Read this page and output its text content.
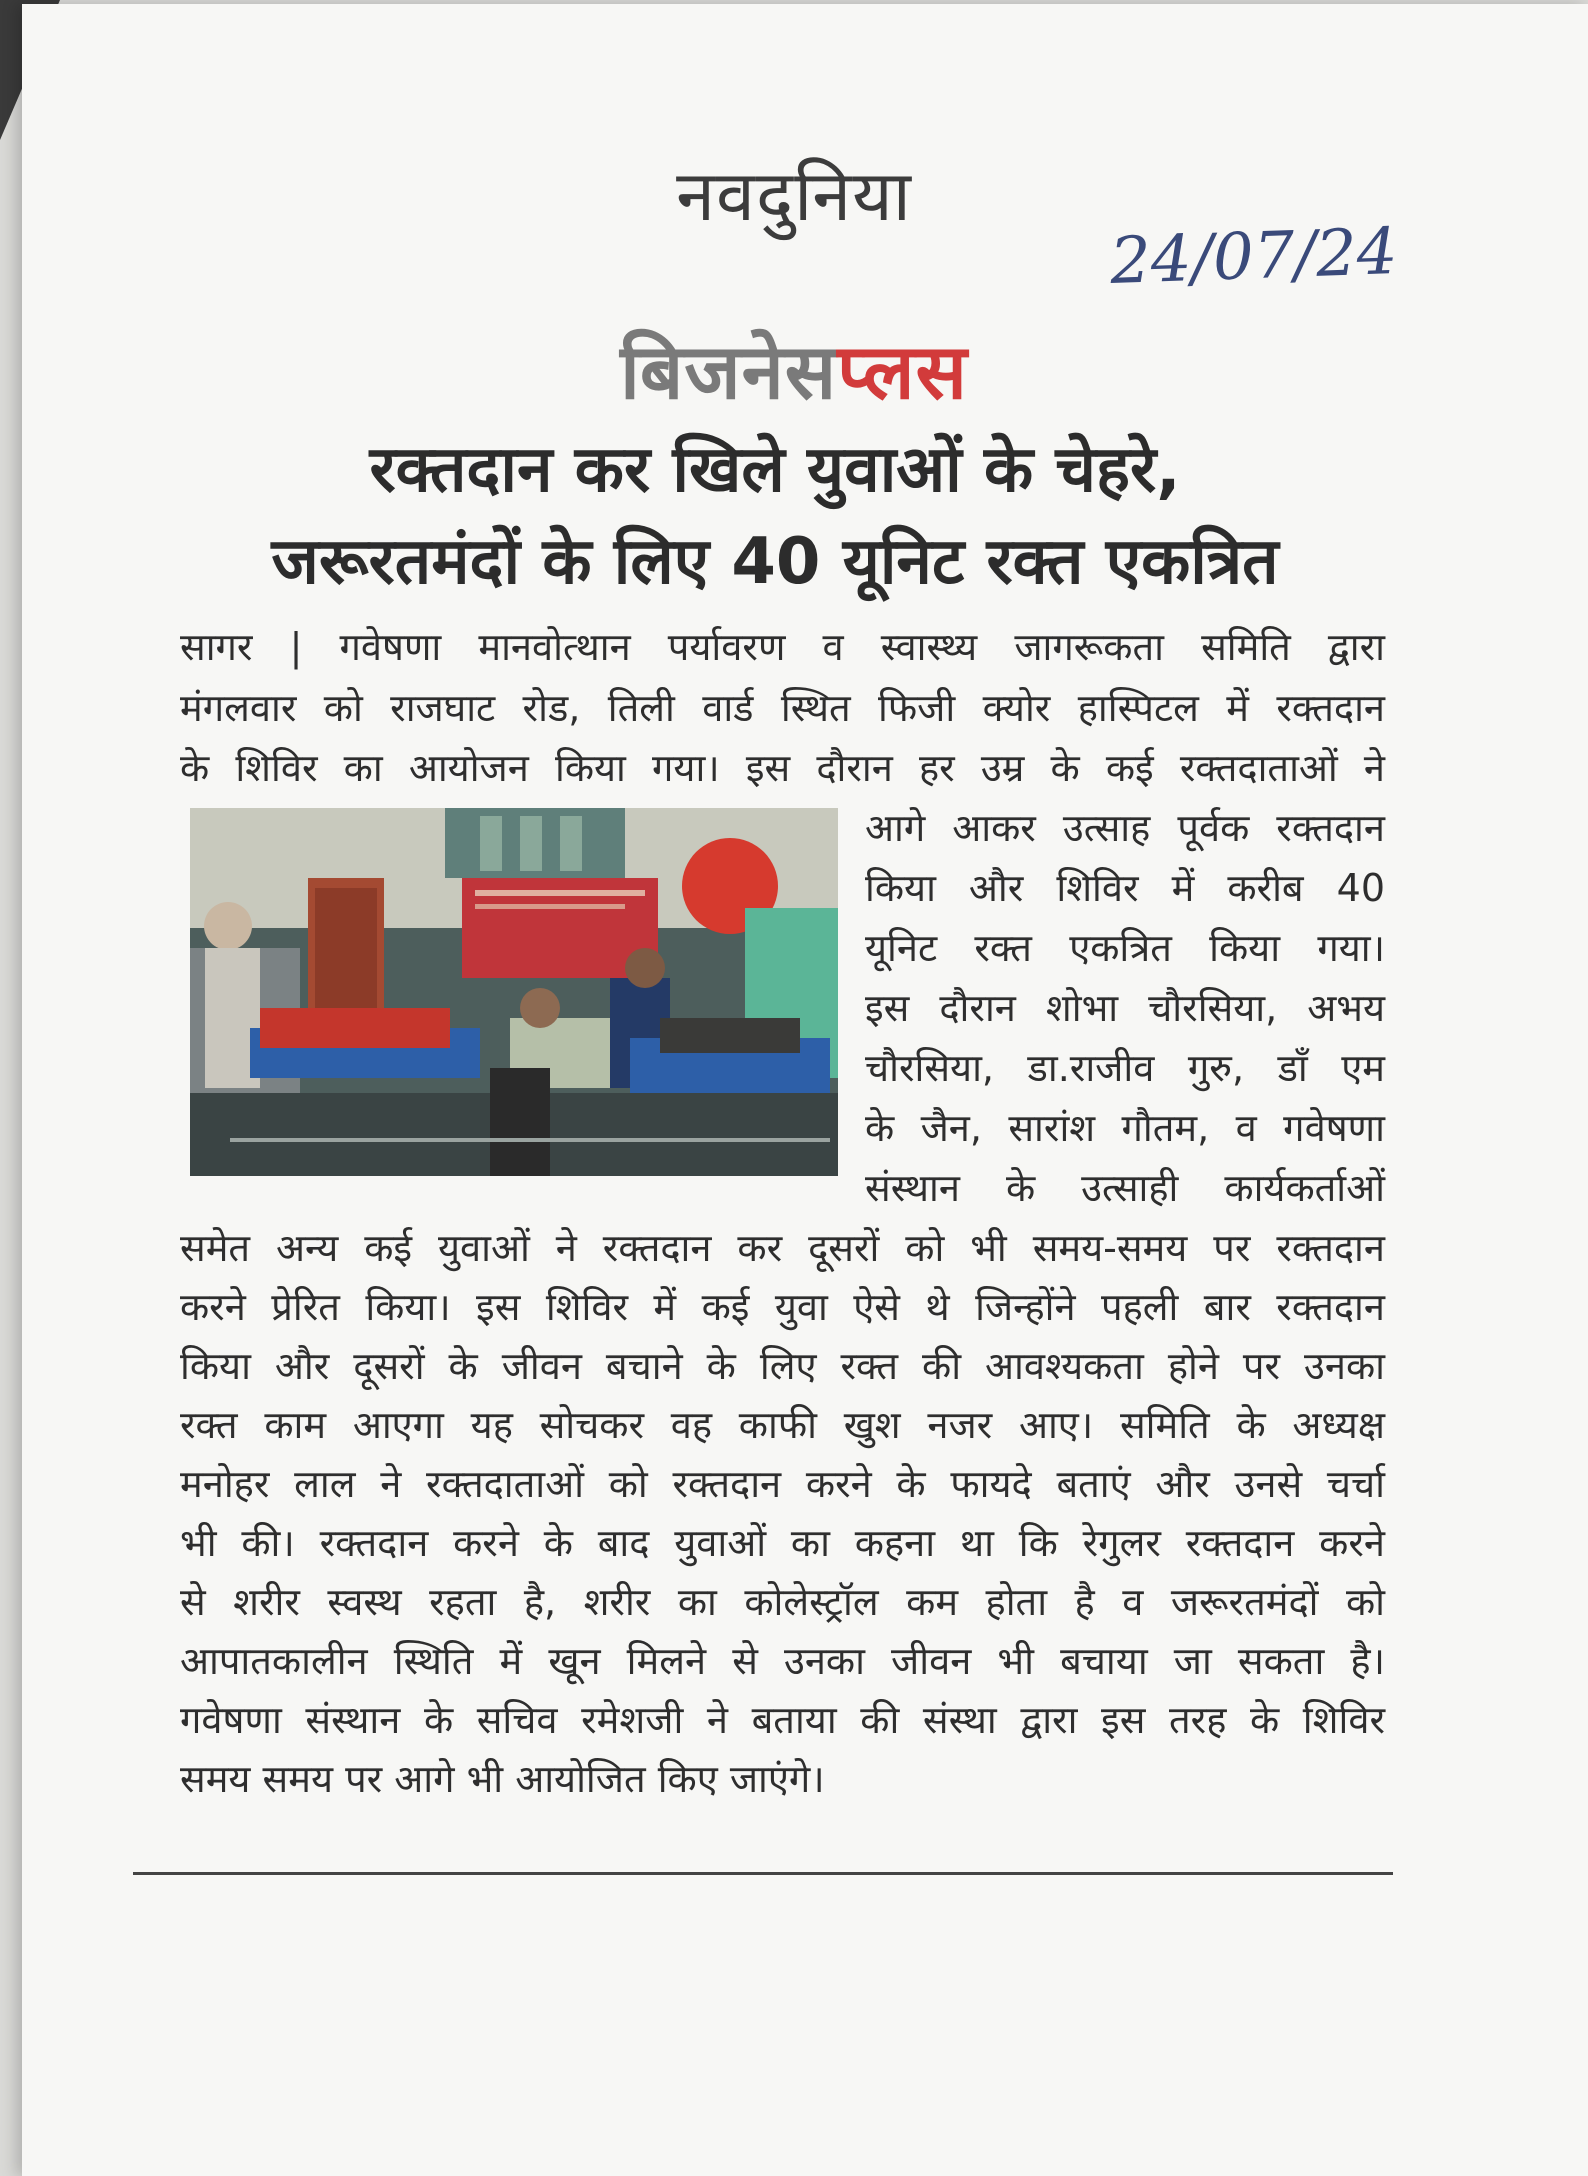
नवदुनिया
24/07/24
बिजनेसप्लस
रक्तदान कर खिले युवाओं के चेहरे,
जरूरतमंदों के लिए 40 यूनिट रक्त एकत्रित
सागर | गवेषणा मानवोत्थान पर्यावरण व स्वास्थ्य जागरूकता समिति द्वारा
मंगलवार को राजघाट रोड, तिली वार्ड स्थित फिजी क्योर हास्पिटल में रक्तदान
के शिविर का आयोजन किया गया। इस दौरान हर उम्र के कई रक्तदाताओं ने
आगे आकर उत्साह पूर्वक रक्तदान
किया और शिविर में करीब 40
यूनिट रक्त एकत्रित किया गया।
इस दौरान शोभा चौरसिया, अभय
चौरसिया, डा.राजीव गुरु, डॉं एम
के जैन, सारांश गौतम, व गवेषणा
संस्थान के उत्साही कार्यकर्ताओं
समेत अन्य कई युवाओं ने रक्तदान कर दूसरों को भी समय-समय पर रक्तदान
करने प्रेरित किया। इस शिविर में कई युवा ऐसे थे जिन्होंने पहली बार रक्तदान
किया और दूसरों के जीवन बचाने के लिए रक्त की आवश्यकता होने पर उनका
रक्त काम आएगा यह सोचकर वह काफी खुश नजर आए। समिति के अध्यक्ष
मनोहर लाल ने रक्तदाताओं को रक्तदान करने के फायदे बताएं और उनसे चर्चा
भी की। रक्तदान करने के बाद युवाओं का कहना था कि रेगुलर रक्तदान करने
से शरीर स्वस्थ रहता है, शरीर का कोलेस्ट्रॉल कम होता है व जरूरतमंदों को
आपातकालीन स्थिति में खून मिलने से उनका जीवन भी बचाया जा सकता है।
गवेषणा संस्थान के सचिव रमेशजी ने बताया की संस्था द्वारा इस तरह के शिविर
समय समय पर आगे भी आयोजित किए जाएंगे।
